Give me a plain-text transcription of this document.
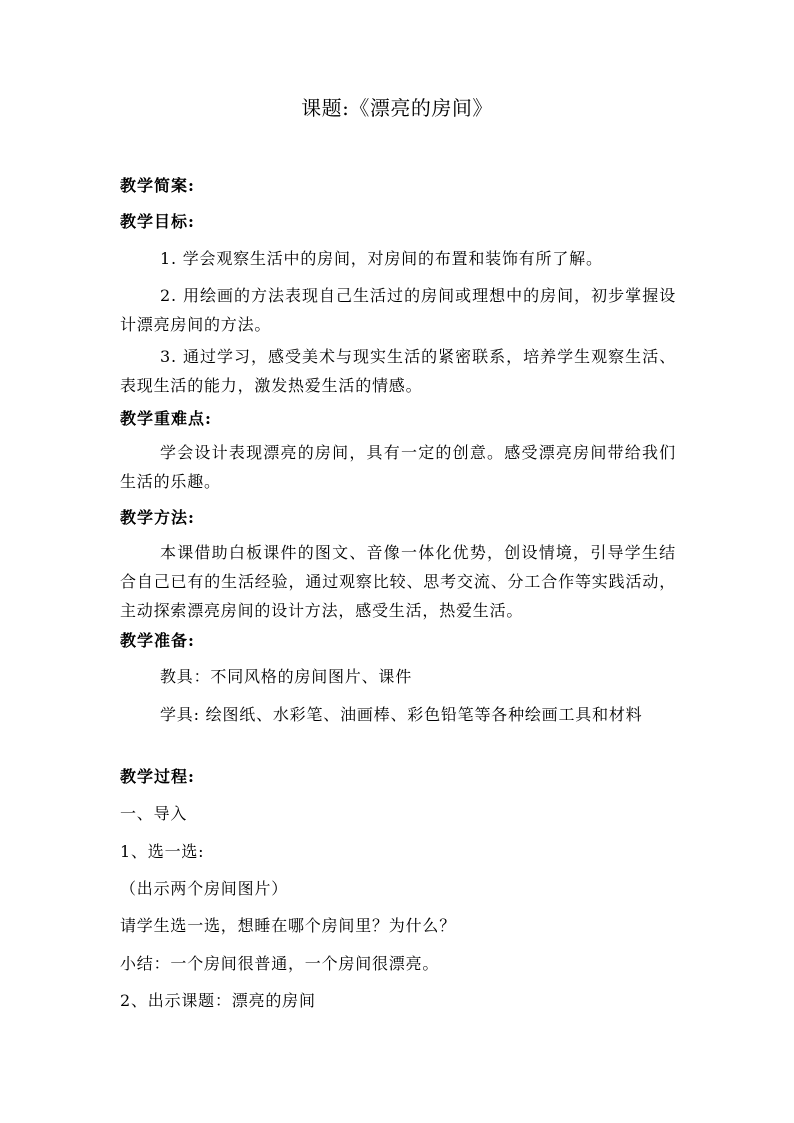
课题:《漂亮的房间》
教学简案:
教学目标:
1. 学会观察生活中的房间，对房间的布置和装饰有所了解。
2. 用绘画的方法表现自己生活过的房间或理想中的房间，初步掌握设计漂亮房间的方法。
3. 通过学习，感受美术与现实生活的紧密联系，培养学生观察生活、表现生活的能力，激发热爱生活的情感。
教学重难点:
学会设计表现漂亮的房间，具有一定的创意。感受漂亮房间带给我们生活的乐趣。
教学方法:
本课借助白板课件的图文、音像一体化优势，创设情境，引导学生结合自己已有的生活经验，通过观察比较、思考交流、分工合作等实践活动，主动探索漂亮房间的设计方法，感受生活，热爱生活。
教学准备:
教具：不同风格的房间图片、课件
学具: 绘图纸、水彩笔、油画棒、彩色铅笔等各种绘画工具和材料
教学过程:
一、导入
1、选一选:
（出示两个房间图片）
请学生选一选，想睡在哪个房间里？为什么？
小结：一个房间很普通，一个房间很漂亮。
2、出示课题：漂亮的房间
